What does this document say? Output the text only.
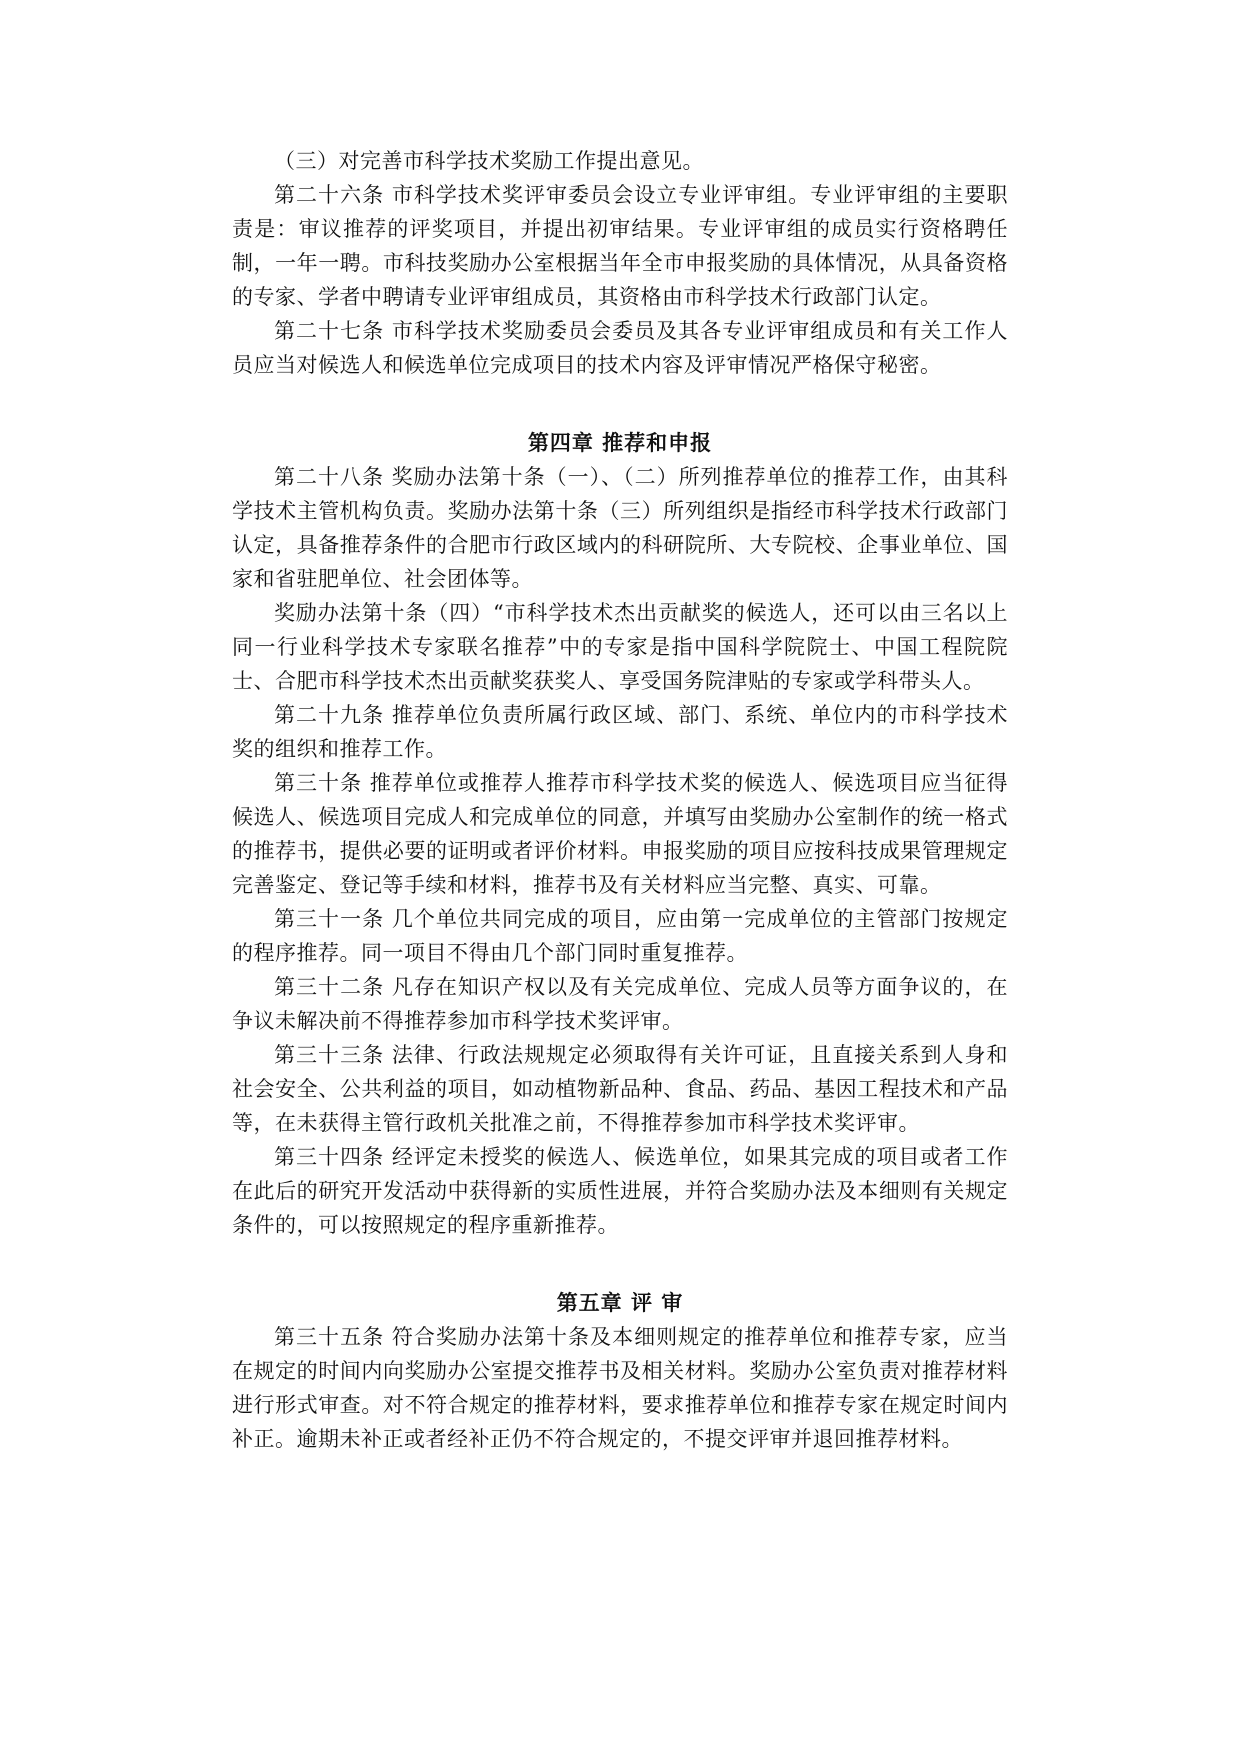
（三）对完善市科学技术奖励工作提出意见。

第二十六条 市科学技术奖评审委员会设立专业评审组。专业评审组的主要职责是：审议推荐的评奖项目，并提出初审结果。专业评审组的成员实行资格聘任制，一年一聘。市科技奖励办公室根据当年全市申报奖励的具体情况，从具备资格的专家、学者中聘请专业评审组成员，其资格由市科学技术行政部门认定。

第二十七条 市科学技术奖励委员会委员及其各专业评审组成员和有关工作人员应当对候选人和候选单位完成项目的技术内容及评审情况严格保守秘密。

第四章 推荐和申报

第二十八条 奖励办法第十条（一）、（二）所列推荐单位的推荐工作，由其科学技术主管机构负责。奖励办法第十条（三）所列组织是指经市科学技术行政部门认定，具备推荐条件的合肥市行政区域内的科研院所、大专院校、企事业单位、国家和省驻肥单位、社会团体等。

奖励办法第十条（四）“市科学技术杰出贡献奖的候选人，还可以由三名以上同一行业科学技术专家联名推荐”中的专家是指中国科学院院士、中国工程院院士、合肥市科学技术杰出贡献奖获奖人、享受国务院津贴的专家或学科带头人。

第二十九条 推荐单位负责所属行政区域、部门、系统、单位内的市科学技术奖的组织和推荐工作。

第三十条 推荐单位或推荐人推荐市科学技术奖的候选人、候选项目应当征得候选人、候选项目完成人和完成单位的同意，并填写由奖励办公室制作的统一格式的推荐书，提供必要的证明或者评价材料。申报奖励的项目应按科技成果管理规定完善鉴定、登记等手续和材料，推荐书及有关材料应当完整、真实、可靠。

第三十一条 几个单位共同完成的项目，应由第一完成单位的主管部门按规定的程序推荐。同一项目不得由几个部门同时重复推荐。

第三十二条 凡存在知识产权以及有关完成单位、完成人员等方面争议的，在争议未解决前不得推荐参加市科学技术奖评审。

第三十三条 法律、行政法规规定必须取得有关许可证，且直接关系到人身和社会安全、公共利益的项目，如动植物新品种、食品、药品、基因工程技术和产品等，在未获得主管行政机关批准之前，不得推荐参加市科学技术奖评审。

第三十四条 经评定未授奖的候选人、候选单位，如果其完成的项目或者工作在此后的研究开发活动中获得新的实质性进展，并符合奖励办法及本细则有关规定条件的，可以按照规定的程序重新推荐。

第五章 评 审

第三十五条 符合奖励办法第十条及本细则规定的推荐单位和推荐专家，应当在规定的时间内向奖励办公室提交推荐书及相关材料。奖励办公室负责对推荐材料进行形式审查。对不符合规定的推荐材料，要求推荐单位和推荐专家在规定时间内补正。逾期未补正或者经补正仍不符合规定的，不提交评审并退回推荐材料。
